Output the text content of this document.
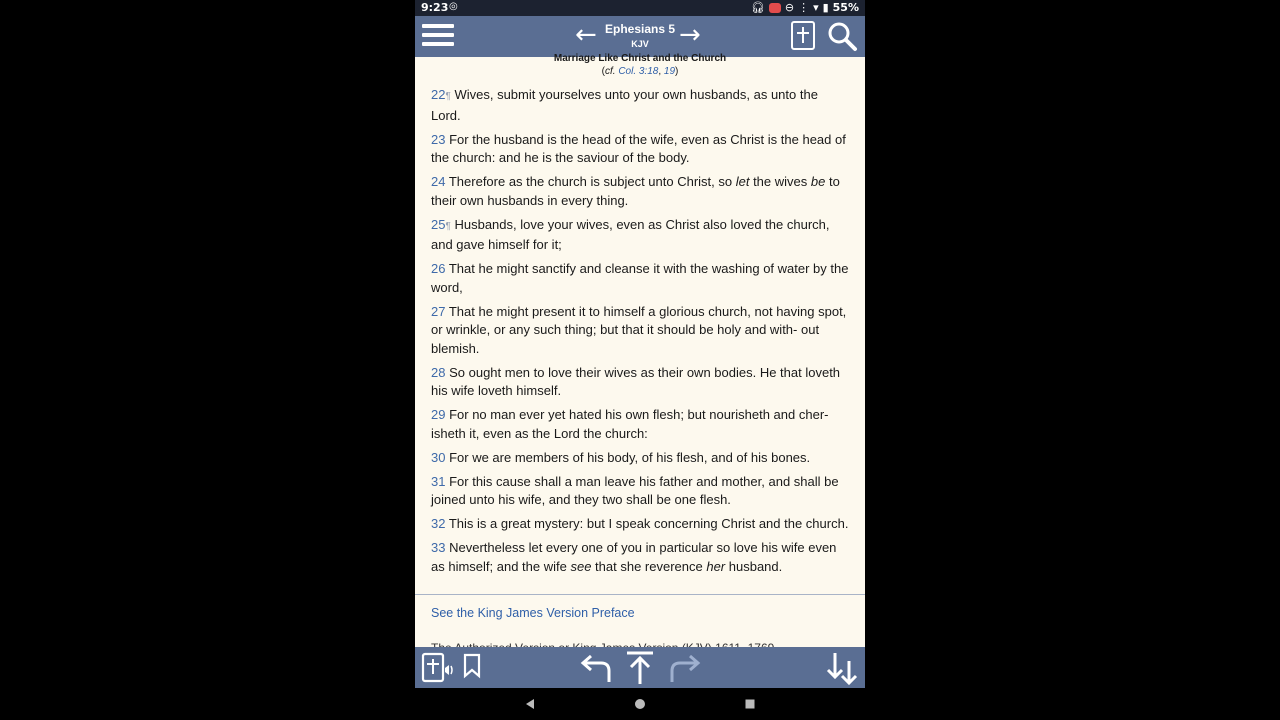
9:23 ◎	🎧︎ ⊖ ⋮ ▾ ▮ 55%
← Ephesians 5
KJV	→
Marriage Like Christ and the Church
(cf. Col. 3:18, 19)
22¶ Wives, submit yourselves unto your own husbands, as unto the Lord.
23 For the husband is the head of the wife, even as Christ is the head of the church: and he is the saviour of the body.
24 Therefore as the church is subject unto Christ, so let the wives be to their own husbands in every thing.
25¶ Husbands, love your wives, even as Christ also loved the church, and gave himself for it;
26 That he might sanctify and cleanse it with the washing of water by the word,
27 That he might present it to himself a glorious church, not having spot, or wrinkle, or any such thing; but that it should be holy and with- out blemish.
28 So ought men to love their wives as their own bodies. He that loveth his wife loveth himself.
29 For no man ever yet hated his own flesh; but nourisheth and cher- isheth it, even as the Lord the church:
30 For we are members of his body, of his flesh, and of his bones.
31 For this cause shall a man leave his father and mother, and shall be joined unto his wife, and they two shall be one flesh.
32 This is a great mystery: but I speak concerning Christ and the church.
33 Nevertheless let every one of you in particular so love his wife even as himself; and the wife see that she reverence her husband.
See the King James Version Preface
